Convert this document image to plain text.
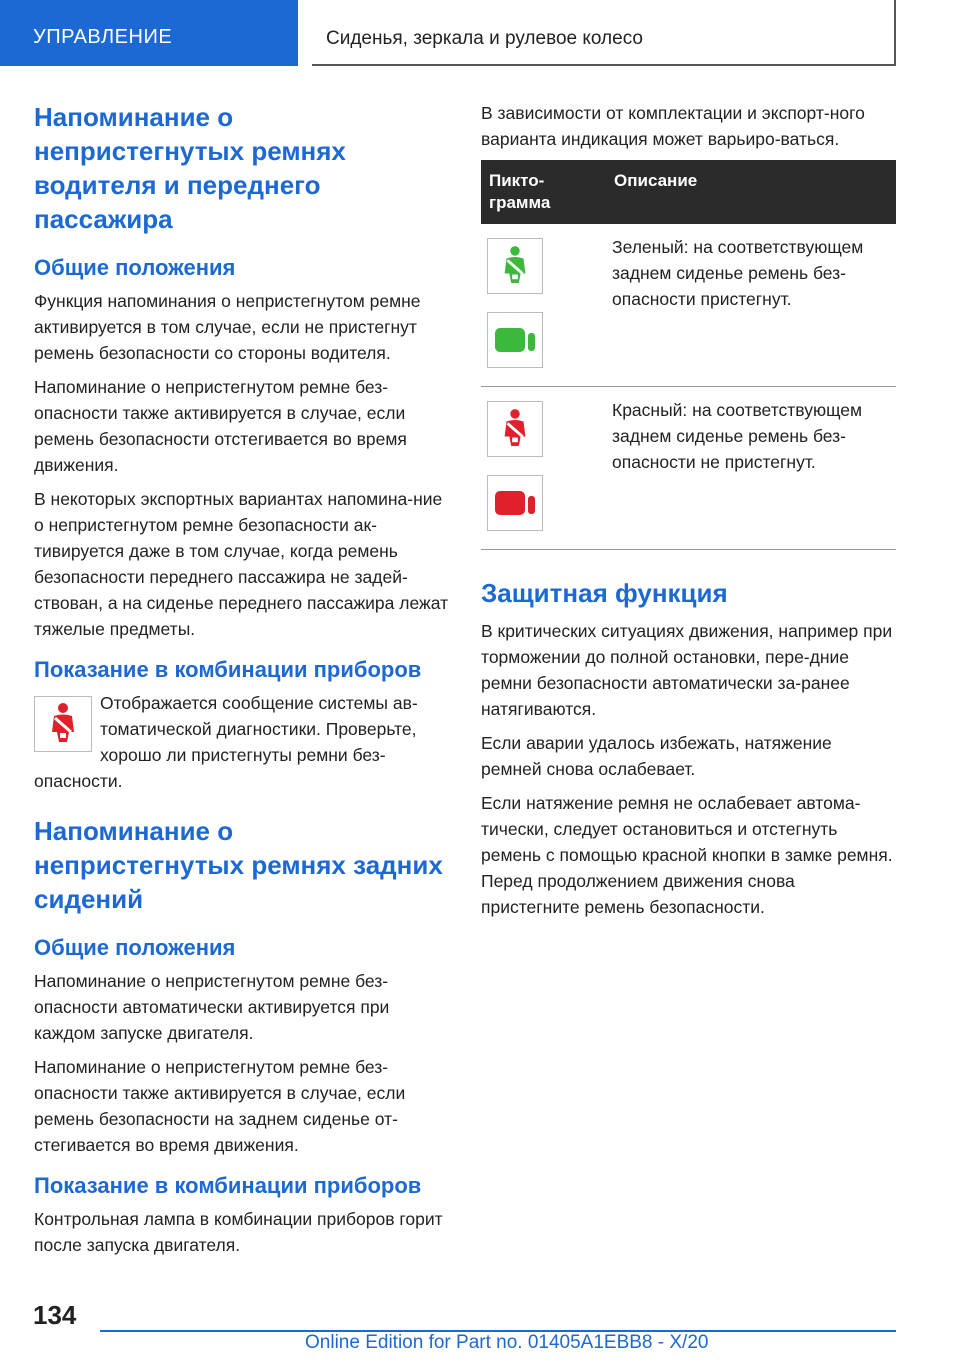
УПРАВЛЕНИЕ	Сиденья, зеркала и рулевое колесо
Напоминание о непристегнутых ремнях водителя и переднего пассажира
Общие положения

Функция напоминания о непристегнутом ремне активируется в том случае, если не пристегнут ремень безопасности со стороны водителя.

Напоминание о непристегнутом ремне без-опасности также активируется в случае, если ремень безопасности отстегивается во время движения.

В некоторых экспортных вариантах напомина-ние о непристегнутом ремне безопасности ак-тивируется даже в том случае, когда ремень безопасности переднего пассажира не задей-ствован, а на сиденье переднего пассажира лежат тяжелые предметы.

Показание в комбинации приборов

Отображается сообщение системы ав-томатической диагностики. Проверьте, хорошо ли пристегнуты ремни без-опасности.

Напоминание о непристегнутых ремнях задних сидений
Общие положения

Напоминание о непристегнутом ремне без-опасности автоматически активируется при каждом запуске двигателя.

Напоминание о непристегнутом ремне без-опасности также активируется в случае, если ремень безопасности на заднем сиденье от-стегивается во время движения.

Показание в комбинации приборов

Контрольная лампа в комбинации приборов горит после запуска двигателя.

В зависимости от комплектации и экспорт-ного варианта индикация может варьиро-ваться.

Пикто-грамма	Описание

	Зеленый: на соответствующем заднем сиденье ремень без-опасности пристегнут.

	Красный: на соответствующем заднем сиденье ремень без-опасности не пристегнут.
Защитная функция

В критических ситуациях движения, например при торможении до полной остановки, пере-дние ремни безопасности автоматически за-ранее натягиваются.

Если аварии удалось избежать, натяжение ремней снова ослабевает.

Если натяжение ремня не ослабевает автома-тически, следует остановиться и отстегнуть ремень с помощью красной кнопки в замке ремня. Перед продолжением движения снова пристегните ремень безопасности.

134
Online Edition for Part no. 01405A1EBB8 - X/20
